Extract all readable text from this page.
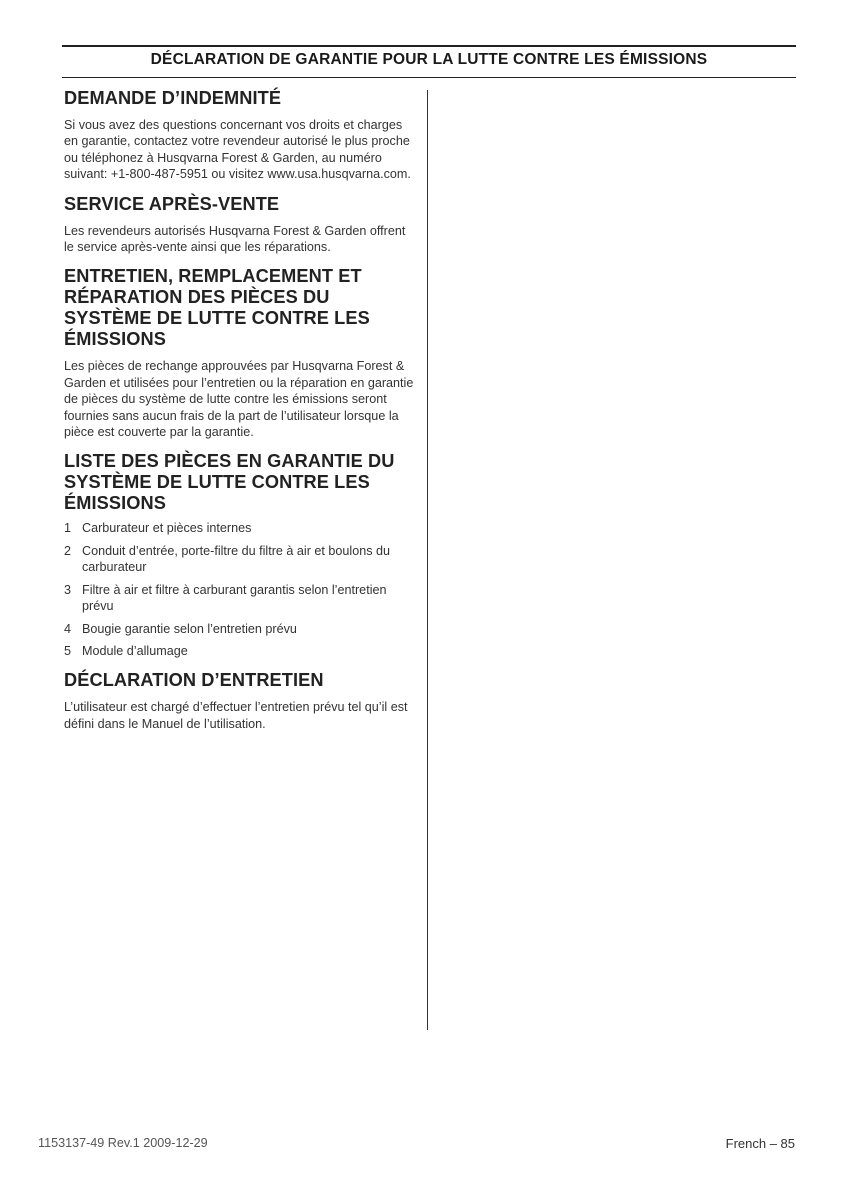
DÉCLARATION DE GARANTIE POUR LA LUTTE CONTRE LES ÉMISSIONS
DEMANDE D’INDEMNITÉ

Si vous avez des questions concernant vos droits et charges en garantie, contactez votre revendeur autorisé le plus proche ou téléphonez à Husqvarna Forest & Garden, au numéro suivant: +1-800-487-5951 ou visitez www.usa.husqvarna.com.

SERVICE APRÈS-VENTE

Les revendeurs autorisés Husqvarna Forest & Garden offrent le service après-vente ainsi que les réparations.

ENTRETIEN, REMPLACEMENT ET RÉPARATION DES PIÈCES DU SYSTÈME DE LUTTE CONTRE LES ÉMISSIONS

Les pièces de rechange approuvées par Husqvarna Forest & Garden et utilisées pour l’entretien ou la réparation en garantie de pièces du système de lutte contre les émissions seront fournies sans aucun frais de la part de l’utilisateur lorsque la pièce est couverte par la garantie.

LISTE DES PIÈCES EN GARANTIE DU SYSTÈME DE LUTTE CONTRE LES ÉMISSIONS
1 Carburateur et pièces internes
2 Conduit d’entrée, porte-filtre du filtre à air et boulons du carburateur
3 Filtre à air et filtre à carburant garantis selon l’entretien prévu
4 Bougie garantie selon l’entretien prévu
5 Module d’allumage
DÉCLARATION D’ENTRETIEN

L’utilisateur est chargé d’effectuer l’entretien prévu tel qu’il est défini dans le Manuel de l’utilisation.

1153137-49 Rev.1 2009-12-29	French – 85
